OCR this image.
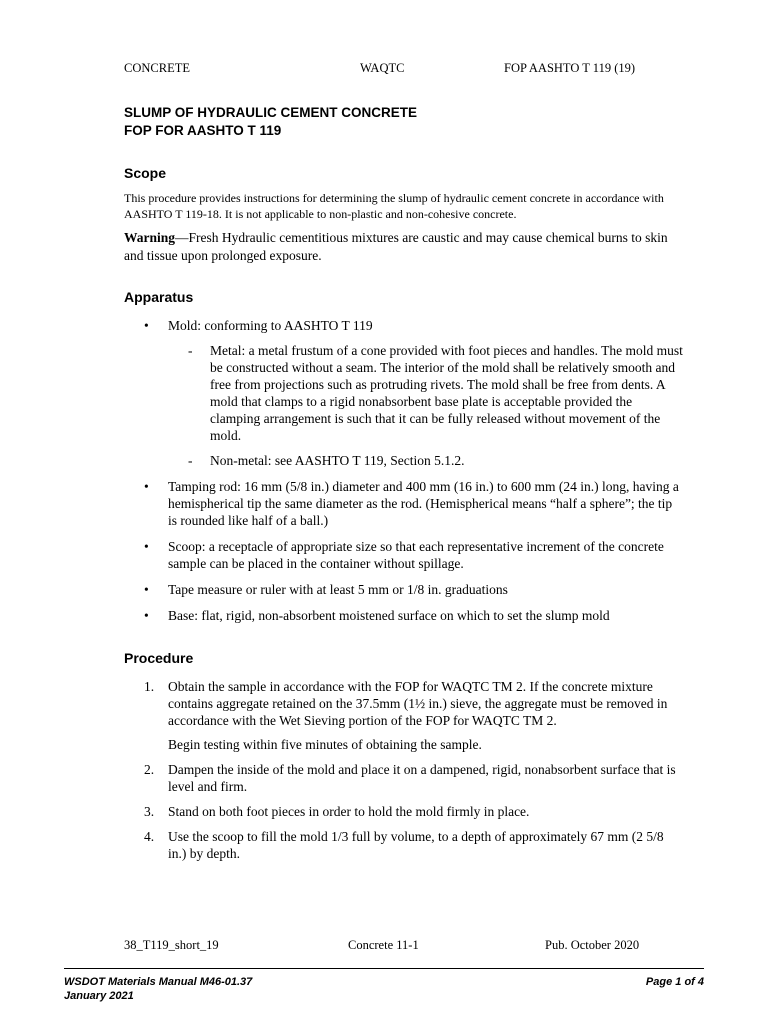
CONCRETE	WAQTC	FOP AASHTO T 119 (19)

SLUMP OF HYDRAULIC CEMENT CONCRETE

FOP FOR AASHTO T 119

Scope

This procedure provides instructions for determining the slump of hydraulic cement concrete in accordance with AASHTO T 119-18. It is not applicable to non-plastic and non-cohesive concrete.

Warning—Fresh Hydraulic cementitious mixtures are caustic and may cause chemical burns to skin and tissue upon prolonged exposure.

Apparatus
• Mold: conforming to AASHTO T 119
- Metal: a metal frustum of a cone provided with foot pieces and handles. The mold must be constructed without a seam. The interior of the mold shall be relatively smooth and free from projections such as protruding rivets. The mold shall be free from dents. A mold that clamps to a rigid nonabsorbent base plate is acceptable provided the clamping arrangement is such that it can be fully released without movement of the mold.
- Non-metal: see AASHTO T 119, Section 5.1.2.
• Tamping rod: 16 mm (5/8 in.) diameter and 400 mm (16 in.) to 600 mm (24 in.) long, having a hemispherical tip the same diameter as the rod. (Hemispherical means “half a sphere”; the tip is rounded like half of a ball.)
• Scoop: a receptacle of appropriate size so that each representative increment of the concrete sample can be placed in the container without spillage.
• Tape measure or ruler with at least 5 mm or 1/8 in. graduations
• Base: flat, rigid, non-absorbent moistened surface on which to set the slump mold
Procedure
1. Obtain the sample in accordance with the FOP for WAQTC TM 2. If the concrete mixture contains aggregate retained on the 37.5mm (1½ in.) sieve, the aggregate must be removed in accordance with the Wet Sieving portion of the FOP for WAQTC TM 2.

Begin testing within five minutes of obtaining the sample.

2. Dampen the inside of the mold and place it on a dampened, rigid, nonabsorbent surface that is level and firm.
3. Stand on both foot pieces in order to hold the mold firmly in place.
4. Use the scoop to fill the mold 1/3 full by volume, to a depth of approximately 67 mm (2 5/8 in.) by depth.
38_T119_short_19	Concrete 11-1	Pub. October 2020
WSDOT Materials Manual M46-01.37
January 2021
Page 1 of 4
